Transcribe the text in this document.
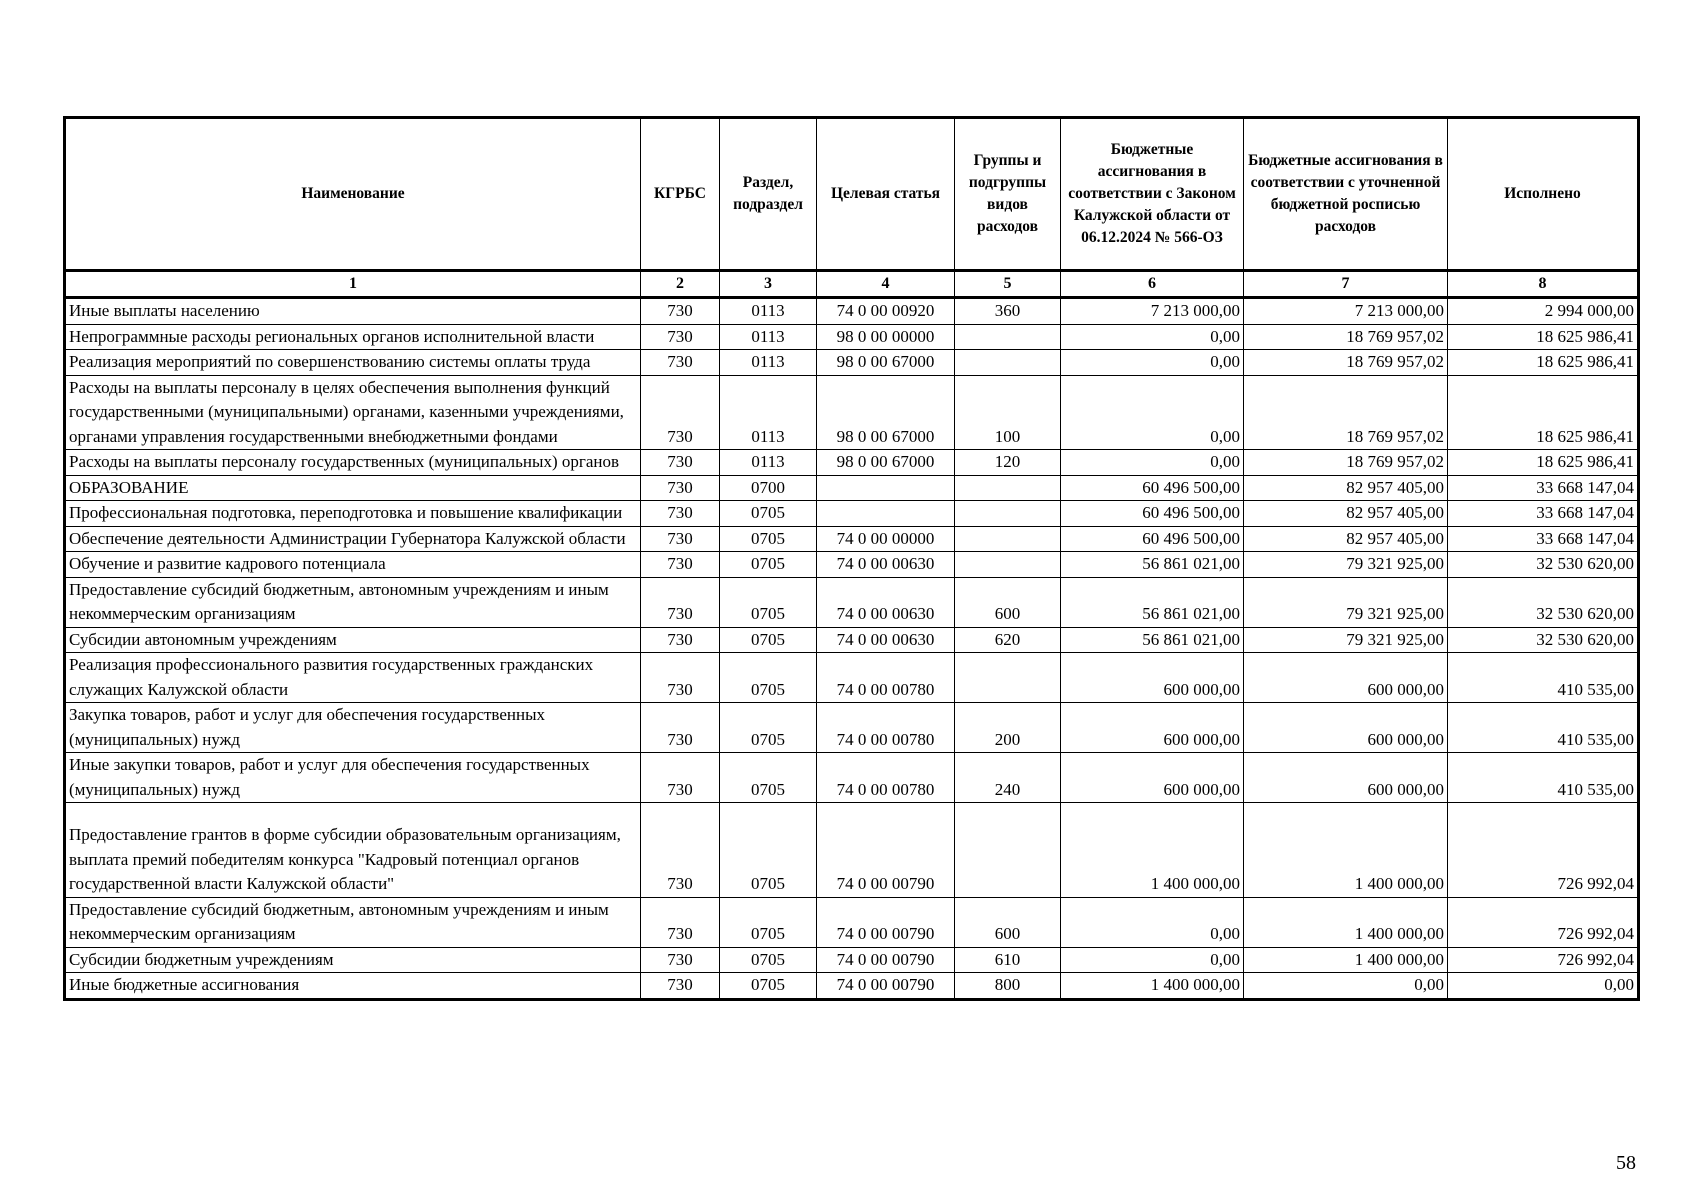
Наименование	КГРБС	Раздел, подраздел	Целевая статья	Группы и подгруппы видов расходов	Бюджетные ассигнования в соответствии с Законом Калужской области от 06.12.2024 № 566-ОЗ	Бюджетные ассигнования в соответствии с уточненной бюджетной росписью расходов	Исполнено
1	2	3	4	5	6	7	8
Иные выплаты населению	730	0113	74 0 00 00920	360	7 213 000,00	7 213 000,00	2 994 000,00
Непрограммные расходы региональных органов исполнительной власти	730	0113	98 0 00 00000		0,00	18 769 957,02	18 625 986,41
Реализация мероприятий по совершенствованию системы оплаты труда	730	0113	98 0 00 67000		0,00	18 769 957,02	18 625 986,41
Расходы на выплаты персоналу в целях обеспечения выполнения функций государственными (муниципальными) органами, казенными учреждениями, органами управления государственными внебюджетными фондами	730	0113	98 0 00 67000	100	0,00	18 769 957,02	18 625 986,41
Расходы на выплаты персоналу государственных (муниципальных) органов	730	0113	98 0 00 67000	120	0,00	18 769 957,02	18 625 986,41
ОБРАЗОВАНИЕ	730	0700			60 496 500,00	82 957 405,00	33 668 147,04
Профессиональная подготовка, переподготовка и повышение квалификации	730	0705			60 496 500,00	82 957 405,00	33 668 147,04
Обеспечение деятельности Администрации Губернатора Калужской области	730	0705	74 0 00 00000		60 496 500,00	82 957 405,00	33 668 147,04
Обучение и развитие кадрового потенциала	730	0705	74 0 00 00630		56 861 021,00	79 321 925,00	32 530 620,00
Предоставление субсидий бюджетным, автономным учреждениям и иным некоммерческим организациям	730	0705	74 0 00 00630	600	56 861 021,00	79 321 925,00	32 530 620,00
Субсидии автономным учреждениям	730	0705	74 0 00 00630	620	56 861 021,00	79 321 925,00	32 530 620,00
Реализация профессионального развития государственных гражданских служащих Калужской области	730	0705	74 0 00 00780		600 000,00	600 000,00	410 535,00
Закупка товаров, работ и услуг для обеспечения государственных (муниципальных) нужд	730	0705	74 0 00 00780	200	600 000,00	600 000,00	410 535,00
Иные закупки товаров, работ и услуг для обеспечения государственных (муниципальных) нужд	730	0705	74 0 00 00780	240	600 000,00	600 000,00	410 535,00
Предоставление грантов в форме субсидии образовательным организациям, выплата премий победителям конкурса "Кадровый потенциал органов государственной власти Калужской области"	730	0705	74 0 00 00790		1 400 000,00	1 400 000,00	726 992,04
Предоставление субсидий бюджетным, автономным учреждениям и иным некоммерческим организациям	730	0705	74 0 00 00790	600	0,00	1 400 000,00	726 992,04
Субсидии бюджетным учреждениям	730	0705	74 0 00 00790	610	0,00	1 400 000,00	726 992,04
Иные бюджетные ассигнования	730	0705	74 0 00 00790	800	1 400 000,00	0,00	0,00
58
